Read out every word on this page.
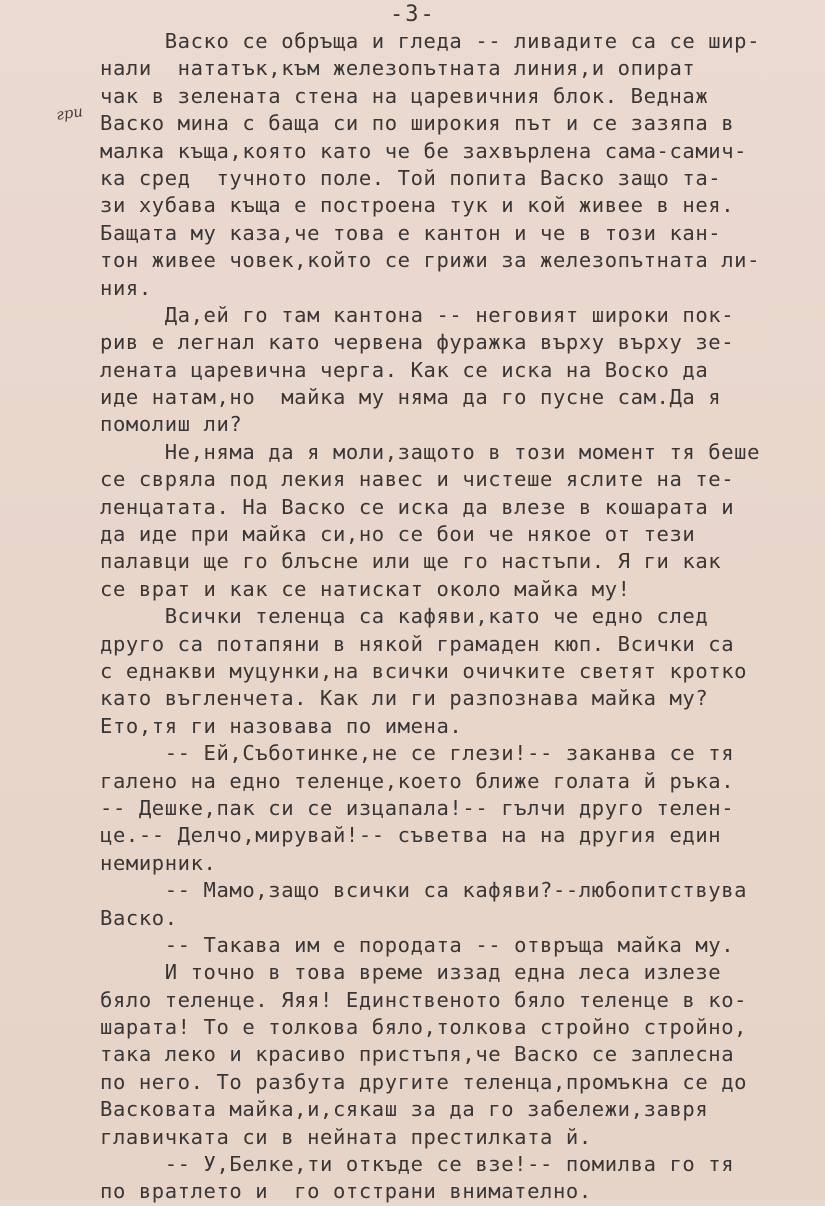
-3-
гри
Васко се обръща и гледа -- ливадите са се шир-
нали  нататък,към железопътната линия,и опират
чак в зелената стена на царевичния блок. Веднаж
Васко мина с баща си по широкия път и се зазяпа в
малка къща,която като че бе захвърлена сама-самич-
ка сред  тучното поле. Той попита Васко защо та-
зи хубава къща е построена тук и кой живее в нея.
Бащата му каза,че това е кантон и че в този кан-
тон живее човек,който се грижи за железопътната ли-
ния.
Да,ей го там кантона -- неговият широки пок-
рив е легнал като червена фуражка върху върху зе-
лената царевична черга. Как се иска на Воско да
иде натам,но  майка му няма да го пусне сам.Да я
помолиш ли?
Не,няма да я моли,защото в този момент тя беше
се свряла под лекия навес и чистеше яслите на те-
ленцатата. На Васко се иска да влезе в кошарата и
да иде при майка си,но се бои че някое от тези
палавци ще го блъсне или ще го настъпи. Я ги как
се врат и как се натискат около майка му!
Всички теленца са кафяви,като че едно след
друго са потапяни в някой грамаден кюп. Всички са
с еднакви муцунки,на всички очичките светят кротко
като въгленчета. Как ли ги разпознава майка му?
Ето,тя ги назовава по имена.
-- Ей,Съботинке,не се глези!-- заканва се тя
галено на едно теленце,което ближе голата й ръка.
-- Дешке,пак си се изцапала!-- гълчи друго телен-
це.-- Делчо,мирувай!-- съветва на на другия един
немирник.
-- Мамо,защо всички са кафяви?--любопитствува
Васко.
-- Такава им е породата -- отвръща майка му.
И точно в това време иззад една леса излезе
бяло теленце. Яяя! Единственото бяло теленце в ко-
шарата! То е толкова бяло,толкова стройно стройно,
така леко и красиво пристъпя,че Васко се заплесна
по него. То разбута другите теленца,промъкна се до
Васковата майка,и,сякаш за да го забележи,завря
главичката си в нейната престилката й.
-- У,Белке,ти откъде се взе!-- помилва го тя
по вратлето и  го отстрани внимателно.
